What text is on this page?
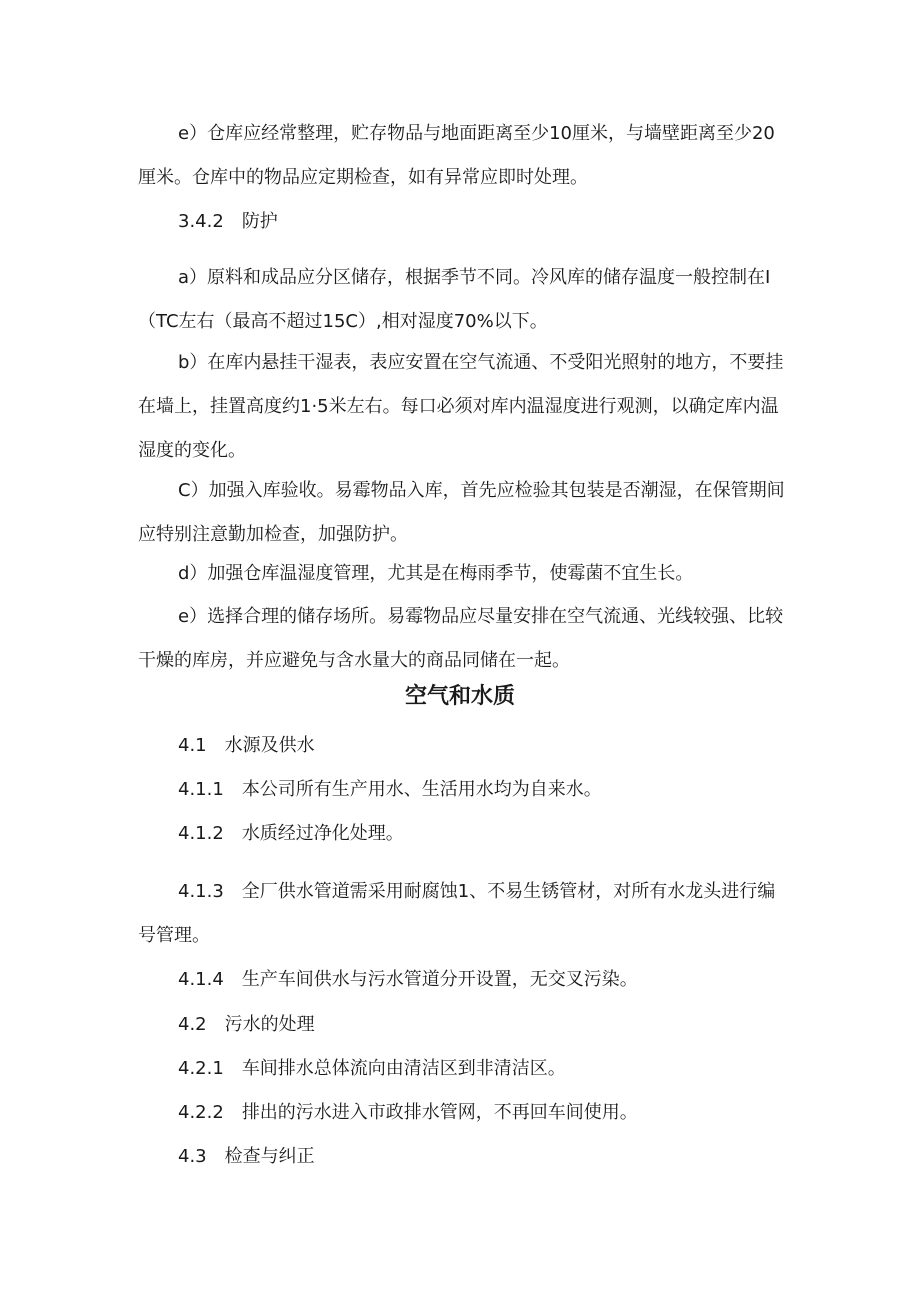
e）仓库应经常整理，贮存物品与地面距离至少10厘米，与墙壁距离至少20厘米。仓库中的物品应定期检查，如有异常应即时处理。

3.4.2 防护

a）原料和成品应分区储存，根据季节不同。冷风库的储存温度一般控制在I（TC左右（最高不超过15C）,相对湿度70%以下。

b）在库内悬挂干湿表，表应安置在空气流通、不受阳光照射的地方，不要挂在墙上，挂置高度约1·5米左右。每口必须对库内温湿度进行观测，以确定库内温湿度的变化。

C）加强入库验收。易霉物品入库，首先应检验其包装是否潮湿，在保管期间应特别注意勤加检查，加强防护。

d）加强仓库温湿度管理，尤其是在梅雨季节，使霉菌不宜生长。

e）选择合理的储存场所。易霉物品应尽量安排在空气流通、光线较强、比较干燥的库房，并应避免与含水量大的商品同储在一起。

空气和水质

4.1 水源及供水

4.1.1 本公司所有生产用水、生活用水均为自来水。

4.1.2 水质经过净化处理。

4.1.3　全厂供水管道需采用耐腐蚀1、不易生锈管材，对所有水龙头进行编号管理。

4.1.4 生产车间供水与污水管道分开设置，无交叉污染。

4.2 污水的处理

4.2.1 车间排水总体流向由清洁区到非清洁区。

4.2.2 排出的污水进入市政排水管网，不再回车间使用。

4.3 检查与纠正
